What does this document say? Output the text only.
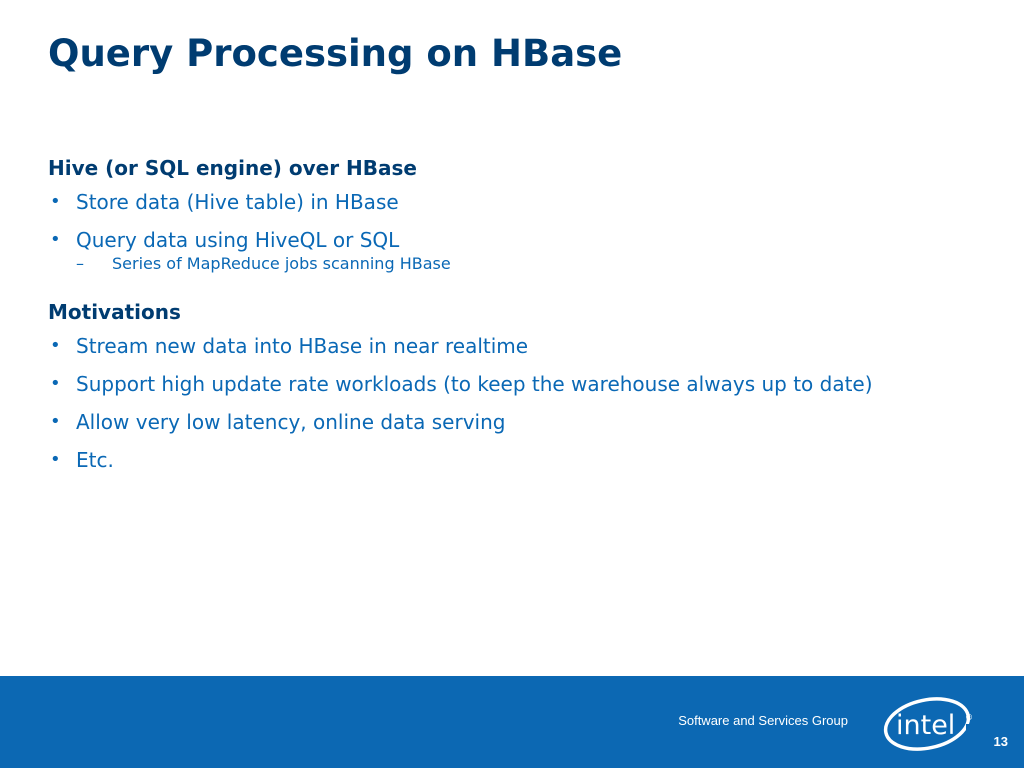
Query Processing on HBase
Hive (or SQL engine) over HBase
• Store data (Hive table) in HBase
• Query data using HiveQL or SQL
– Series of MapReduce jobs scanning HBase
Motivations
• Stream new data into HBase in near realtime
• Support high update rate workloads (to keep the warehouse always up to date)
• Allow very low latency, online data serving
• Etc.
Software and Services Group intel ®
13
